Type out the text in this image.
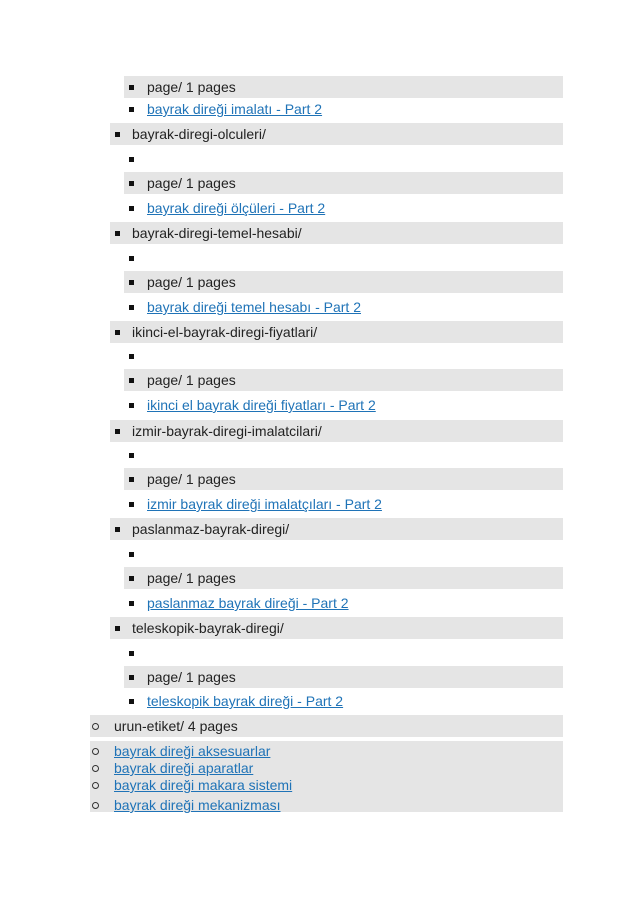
page/ 1 pages
bayrak direği imalatı - Part 2
bayrak-diregi-olculeri/
page/ 1 pages
bayrak direği ölçüleri - Part 2
bayrak-diregi-temel-hesabi/
page/ 1 pages
bayrak direği temel hesabı - Part 2
ikinci-el-bayrak-diregi-fiyatlari/
page/ 1 pages
ikinci el bayrak direği fiyatları - Part 2
izmir-bayrak-diregi-imalatcilari/
page/ 1 pages
izmir bayrak direği imalatçıları - Part 2
paslanmaz-bayrak-diregi/
page/ 1 pages
paslanmaz bayrak direği - Part 2
teleskopik-bayrak-diregi/
page/ 1 pages
teleskopik bayrak direği - Part 2
urun-etiket/ 4 pages
bayrak direği aksesuarlar
bayrak direği aparatlar
bayrak direği makara sistemi
bayrak direği mekanizması
